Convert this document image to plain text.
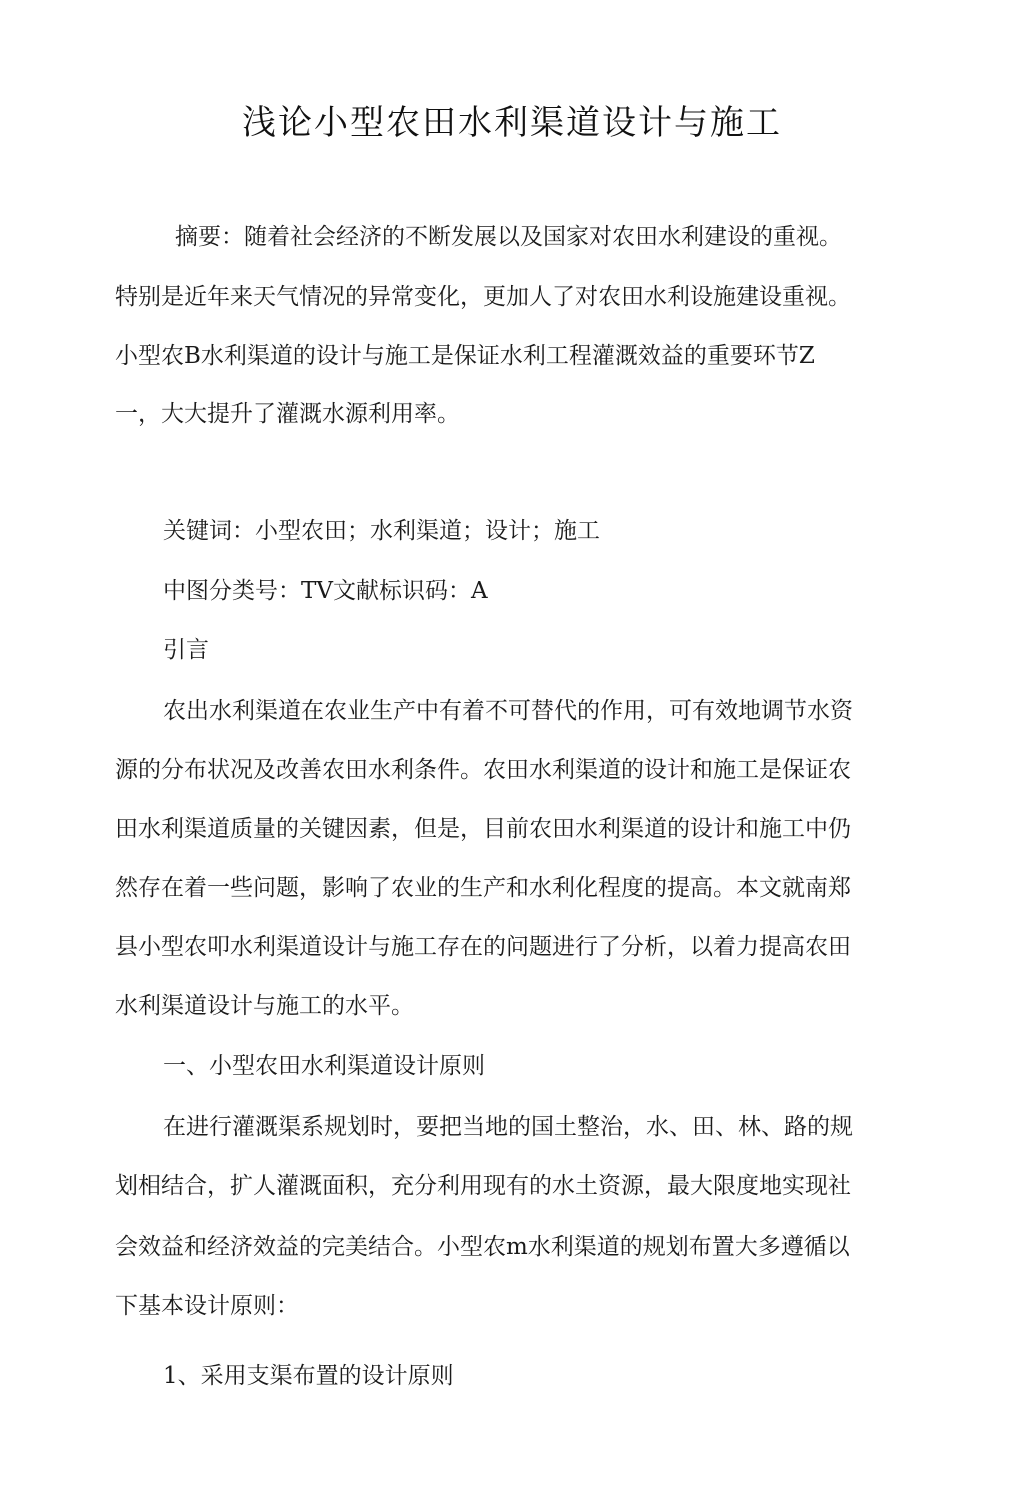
浅论小型农田水利渠道设计与施工
摘要：随着社会经济的不断发展以及国家对农田水利建设的重视。
特别是近年来天气情况的异常变化，更加人了对农田水利设施建设重视。
小型农B水利渠道的设计与施工是保证水利工程灌溉效益的重要环节Z
一，大大提升了灌溉水源利用率。
关键词：小型农田；水利渠道；设计；施工
中图分类号：TV文献标识码：A
引言
农出水利渠道在农业生产中有着不可替代的作用，可有效地调节水资
源的分布状况及改善农田水利条件。农田水利渠道的设计和施工是保证农
田水利渠道质量的关键因素，但是，目前农田水利渠道的设计和施工中仍
然存在着一些问题，影响了农业的生产和水利化程度的提高。本文就南郑
县小型农叩水利渠道设计与施工存在的问题进行了分析，以着力提高农田
水利渠道设计与施工的水平。
一、小型农田水利渠道设计原则
在进行灌溉渠系规划时，要把当地的国土整治，水、田、林、路的规
划相结合，扩人灌溉面积，充分利用现有的水土资源，最大限度地实现社
会效益和经济效益的完美结合。小型农m水利渠道的规划布置大多遵循以
下基本设计原则：
1、采用支渠布置的设计原则
